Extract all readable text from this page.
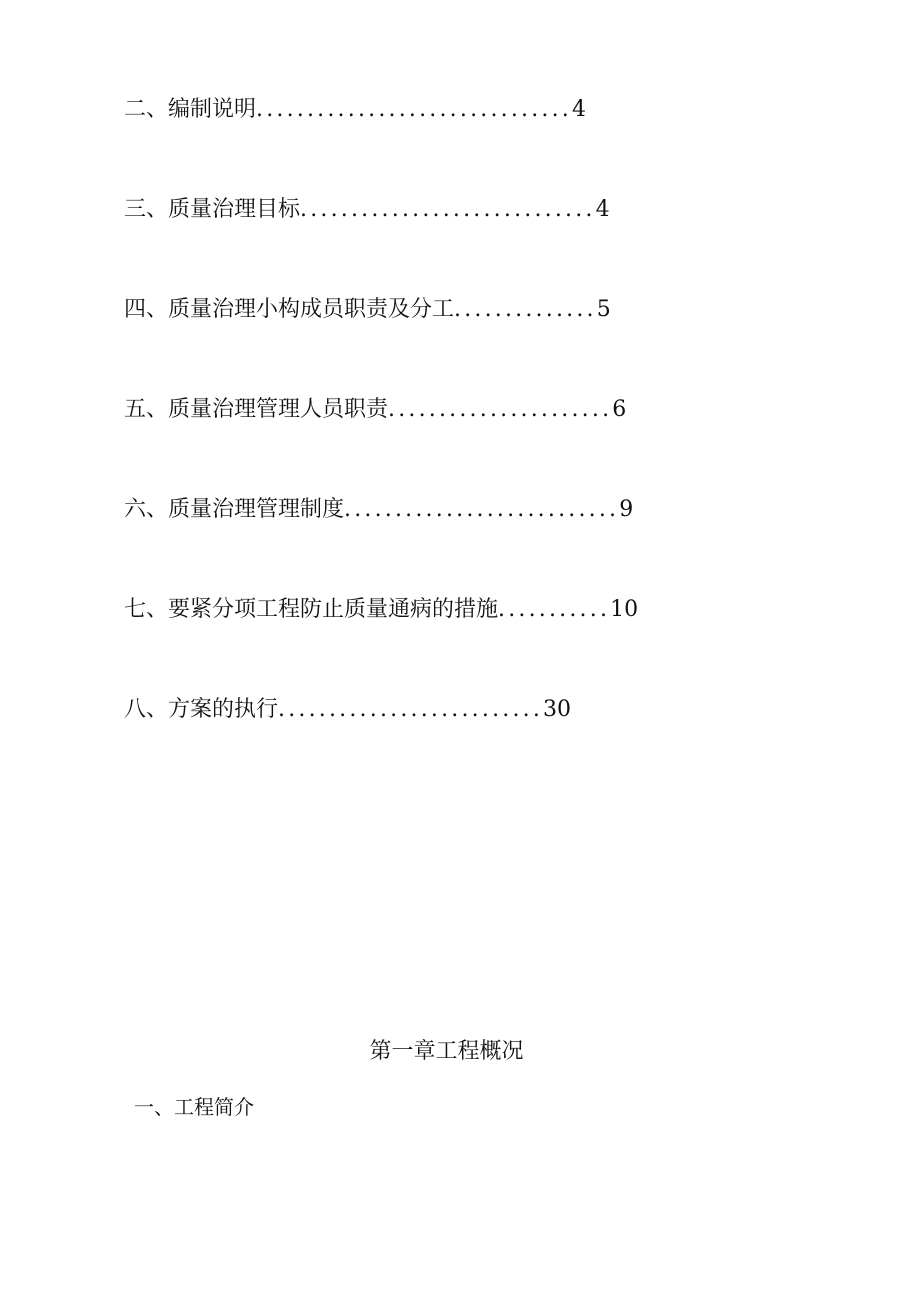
二、编制说明...............................4
三、质量治理目标.............................4
四、质量治理小构成员职责及分工..............5
五、质量治理管理人员职责......................6
六、质量治理管理制度...........................9
七、要紧分项工程防止质量通病的措施...........10
八、方案的执行..........................30
第一章工程概况
一、工程简介
